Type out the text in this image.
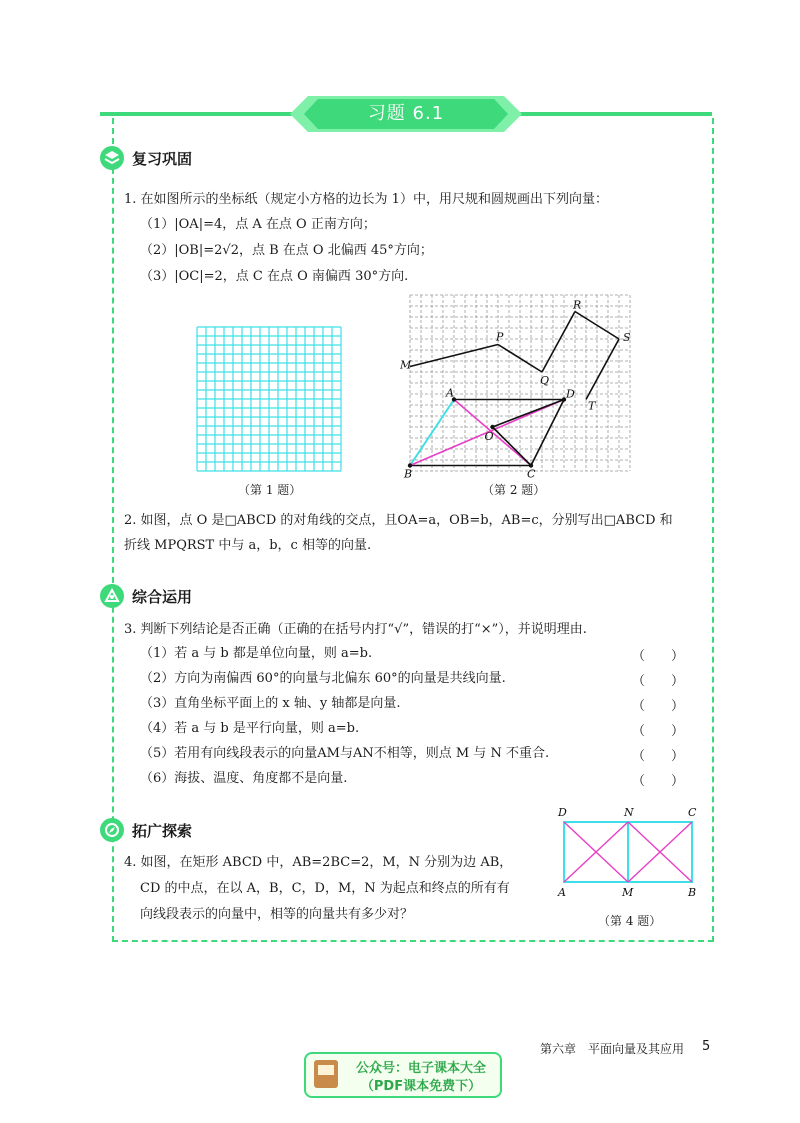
习题 6.1
复习巩固
1. 在如图所示的坐标纸（规定小方格的边长为 1）中，用尺规和圆规画出下列向量：
（1）|OA|=4，点 A 在点 O 正南方向；
（2）|OB|=2√2，点 B 在点 O 北偏西 45°方向；
（3）|OC|=2，点 C 在点 O 南偏西 30°方向.
（第 1 题）
M
P
Q
R
S
T
A	D
O
B	C
（第 2 题）
2. 如图，点 O 是□ABCD 的对角线的交点，且OA=a，OB=b，AB=c，分别写出□ABCD 和
折线 MPQRST 中与 a，b，c 相等的向量.
综合运用
3. 判断下列结论是否正确（正确的在括号内打“√”，错误的打“×”），并说明理由.
（1）若 a 与 b 都是单位向量，则 a=b.	（　　）
（2）方向为南偏西 60°的向量与北偏东 60°的向量是共线向量.	（　　）
（3）直角坐标平面上的 x 轴、y 轴都是向量.	（　　）
（4）若 a 与 b 是平行向量，则 a=b.	（　　）
（5）若用有向线段表示的向量AM与AN不相等，则点 M 与 N 不重合.	（　　）
（6）海拔、温度、角度都不是向量.	（　　）
拓广探索
4. 如图，在矩形 ABCD 中，AB=2BC=2，M，N 分别为边 AB，
CD 的中点，在以 A，B，C，D，M，N 为起点和终点的所有有
向线段表示的向量中，相等的向量共有多少对？
D	N	C
A	M	B
（第 4 题）
第六章　平面向量及其应用 5
公众号：电子课本大全
（PDF课本免费下）
